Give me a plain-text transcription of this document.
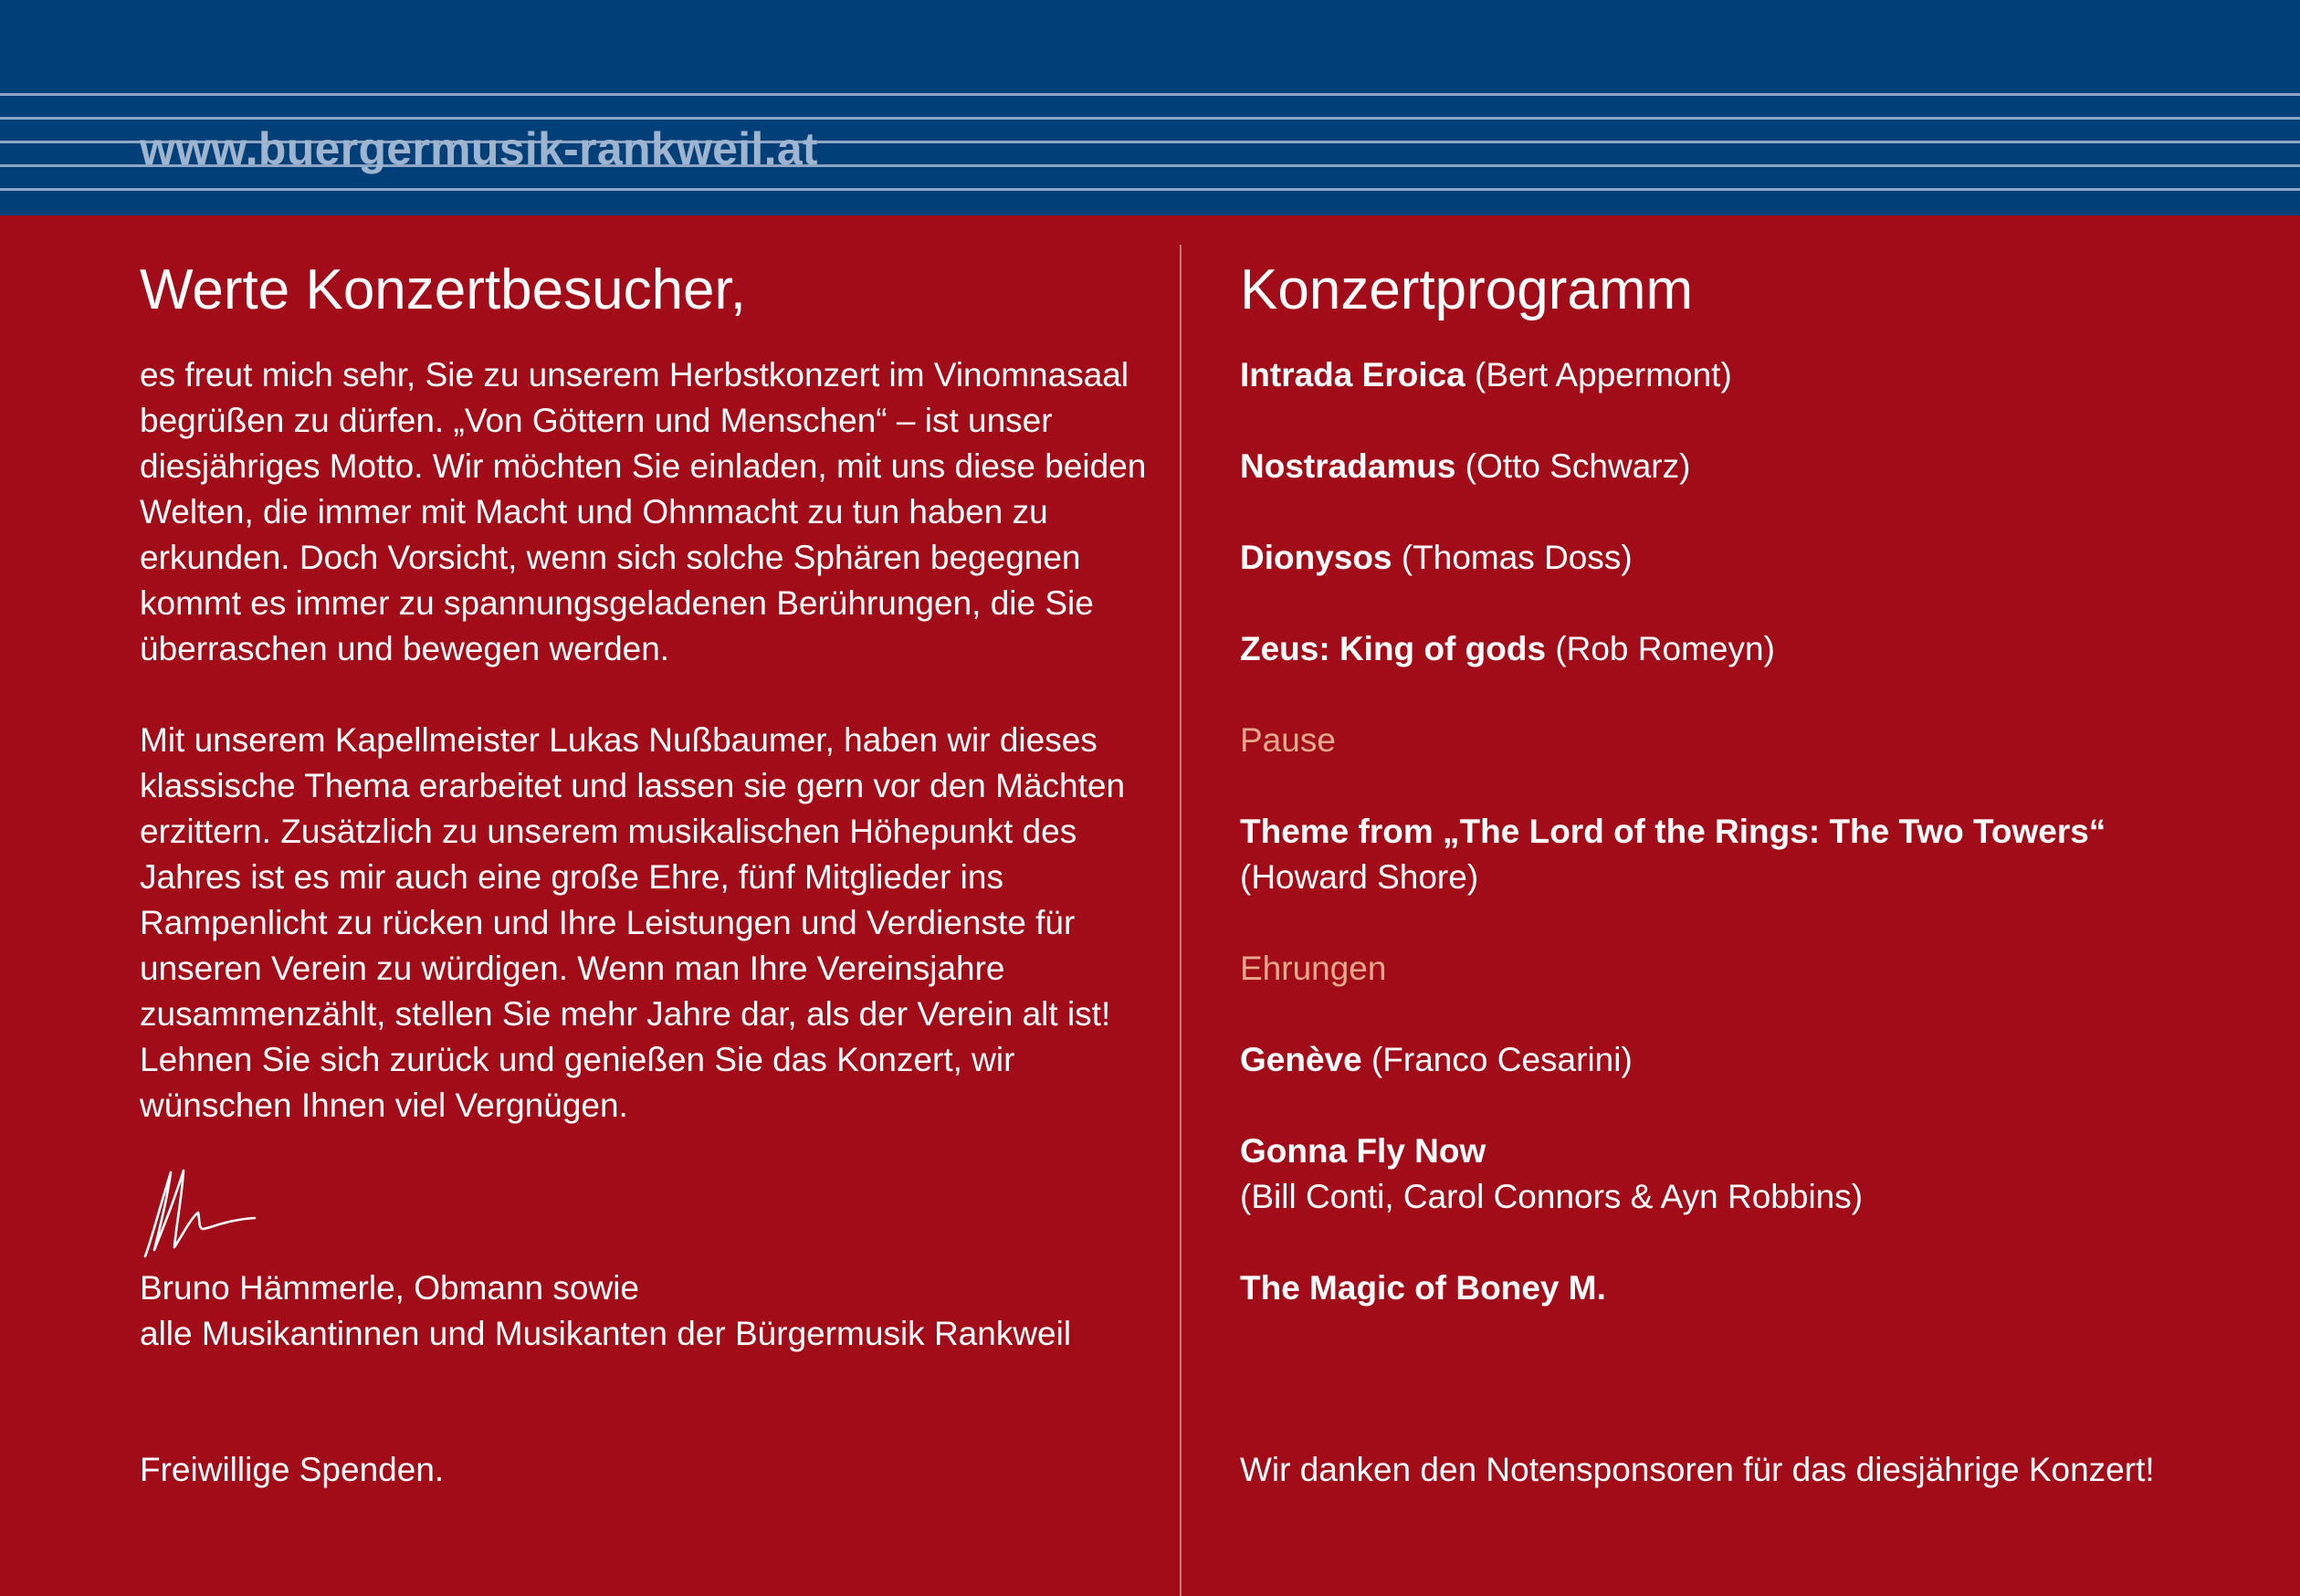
www.buergermusik-rankweil.at
Werte Konzertbesucher,

es freut mich sehr, Sie zu unserem Herbstkonzert im Vinomnasaal begrüßen zu dürfen. „Von Göttern und Menschen“ – ist unser diesjähriges Motto. Wir möchten Sie einladen, mit uns diese beiden Welten, die immer mit Macht und Ohnmacht zu tun haben zu erkunden. Doch Vorsicht, wenn sich solche Sphären begegnen kommt es immer zu spannungsgeladenen Berührungen, die Sie überraschen und bewegen werden.

Mit unserem Kapellmeister Lukas Nußbaumer, haben wir dieses klassische Thema erarbeitet und lassen sie gern vor den Mächten erzittern. Zusätzlich zu unserem musikalischen Höhepunkt des Jahres ist es mir auch eine große Ehre, fünf Mitglieder ins Rampenlicht zu rücken und Ihre Leistungen und Verdienste für unseren Verein zu würdigen. Wenn man Ihre Vereinsjahre zusammenzählt, stellen Sie mehr Jahre dar, als der Verein alt ist! Lehnen Sie sich zurück und genießen Sie das Konzert, wir wünschen Ihnen viel Vergnügen.

Bruno Hämmerle, Obmann sowie
alle Musikantinnen und Musikanten der Bürgermusik Rankweil
Freiwillige Spenden.
Konzertprogramm
Intrada Eroica (Bert Appermont)
Nostradamus (Otto Schwarz)
Dionysos (Thomas Doss)
Zeus: King of gods (Rob Romeyn)
Pause
Theme from „The Lord of the Rings: The Two Towers“
(Howard Shore)
Ehrungen
Genève (Franco Cesarini)
Gonna Fly Now
(Bill Conti, Carol Connors & Ayn Robbins)
The Magic of Boney M.
Wir danken den Notensponsoren für das diesjährige Konzert!
